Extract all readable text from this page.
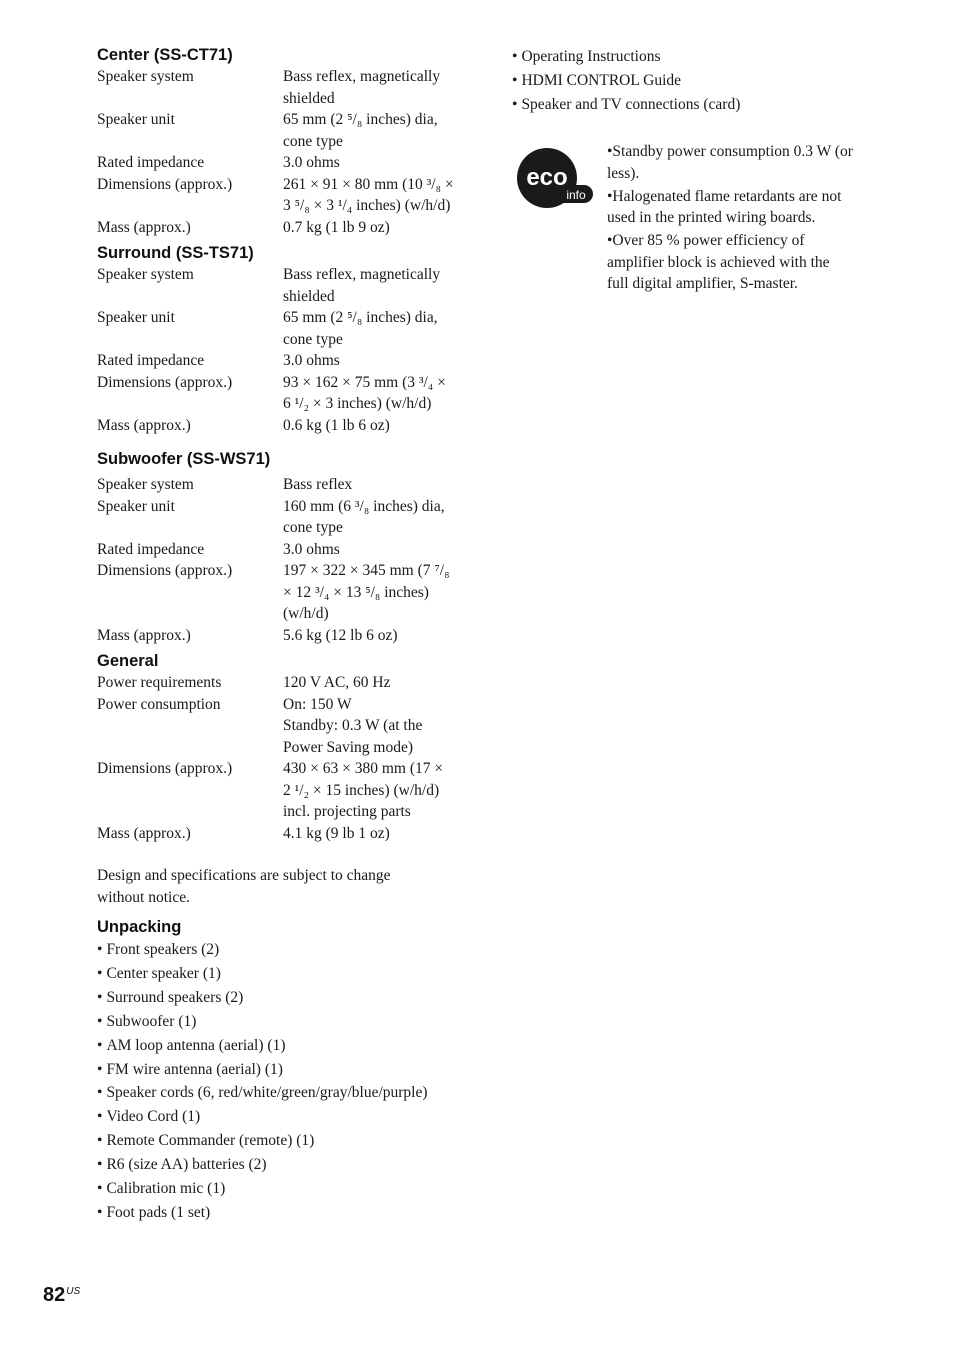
Center (SS-CT71)
Speaker system	Bass reflex, magnetically
shielded
Speaker unit	65 mm (2 ⁵/₈ inches) dia,
cone type
Rated impedance	3.0 ohms
Dimensions (approx.)	261 × 91 × 80 mm (10 ³/₈ ×
3 ⁵/₈ × 3 ¹/₄ inches) (w/h/d)
Mass (approx.)	0.7 kg (1 lb 9 oz)
Surround (SS-TS71)
Speaker system	Bass reflex, magnetically
shielded
Speaker unit	65 mm (2 ⁵/₈ inches) dia,
cone type
Rated impedance	3.0 ohms
Dimensions (approx.)	93 × 162 × 75 mm (3 ³/₄ ×
6 ¹/₂ × 3 inches) (w/h/d)
Mass (approx.)	0.6 kg (1 lb 6 oz)
Subwoofer (SS-WS71)
Speaker system	Bass reflex
Speaker unit	160 mm (6 ³/₈ inches) dia,
cone type
Rated impedance	3.0 ohms
Dimensions (approx.)	197 × 322 × 345 mm (7 ⁷/₈
× 12 ³/₄ × 13 ⁵/₈ inches)
(w/h/d)
Mass (approx.)	5.6 kg (12 lb 6 oz)
General
Power requirements	120 V AC, 60 Hz
Power consumption	On: 150 W
Standby: 0.3 W (at the
Power Saving mode)
Dimensions (approx.)	430 × 63 × 380 mm (17 ×
2 ¹/₂ × 15 inches) (w/h/d)
incl. projecting parts
Mass (approx.)	4.1 kg (9 lb 1 oz)
Design and specifications are subject to change
without notice.
Unpacking
• Front speakers (2)
• Center speaker (1)
• Surround speakers (2)
• Subwoofer (1)
• AM loop antenna (aerial) (1)
• FM wire antenna (aerial) (1)
• Speaker cords (6, red/white/green/gray/blue/purple)
• Video Cord (1)
• Remote Commander (remote) (1)
• R6 (size AA) batteries (2)
• Calibration mic (1)
• Foot pads (1 set)
• Operating Instructions
• HDMI CONTROL Guide
• Speaker and TV connections (card)
eco
info
•Standby power consumption 0.3 W (or
less).
•Halogenated flame retardants are not
used in the printed wiring boards.
•Over 85 % power efficiency of
amplifier block is achieved with the
full digital amplifier, S-master.
$82^{US}$
